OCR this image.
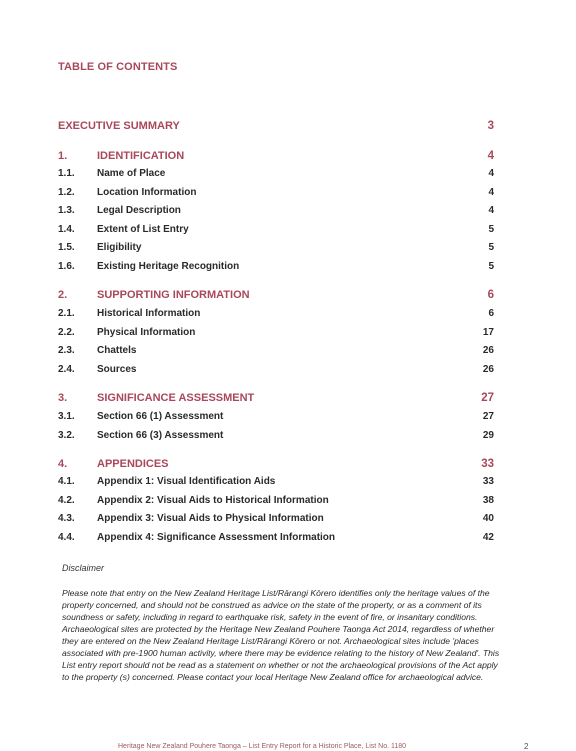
TABLE OF CONTENTS
EXECUTIVE SUMMARY	3
1.	IDENTIFICATION	4
1.1. Name of Place	4
1.2. Location Information	4
1.3. Legal Description	4
1.4. Extent of List Entry	5
1.5. Eligibility	5
1.6. Existing Heritage Recognition	5
2.	SUPPORTING INFORMATION	6
2.1. Historical Information	6
2.2. Physical Information	17
2.3. Chattels	26
2.4. Sources	26
3.	SIGNIFICANCE ASSESSMENT	27
3.1. Section 66 (1) Assessment	27
3.2. Section 66 (3) Assessment	29
4.	APPENDICES	33
4.1. Appendix 1: Visual Identification Aids	33
4.2. Appendix 2: Visual Aids to Historical Information	38
4.3. Appendix 3: Visual Aids to Physical Information	40
4.4. Appendix 4: Significance Assessment Information	42
Disclaimer

Please note that entry on the New Zealand Heritage List/Rārangi Kōrero identifies only the heritage values of the property concerned, and should not be construed as advice on the state of the property, or as a comment of its soundness or safety, including in regard to earthquake risk, safety in the event of fire, or insanitary conditions.

Archaeological sites are protected by the Heritage New Zealand Pouhere Taonga Act 2014, regardless of whether they are entered on the New Zealand Heritage List/Rārangi Kōrero or not. Archaeological sites include 'places associated with pre-1900 human activity, where there may be evidence relating to the history of New Zealand'. This List entry report should not be read as a statement on whether or not the archaeological provisions of the Act apply to the property (s) concerned. Please contact your local Heritage New Zealand office for archaeological advice.

Heritage New Zealand Pouhere Taonga – List Entry Report for a Historic Place, List No. 1180	2
